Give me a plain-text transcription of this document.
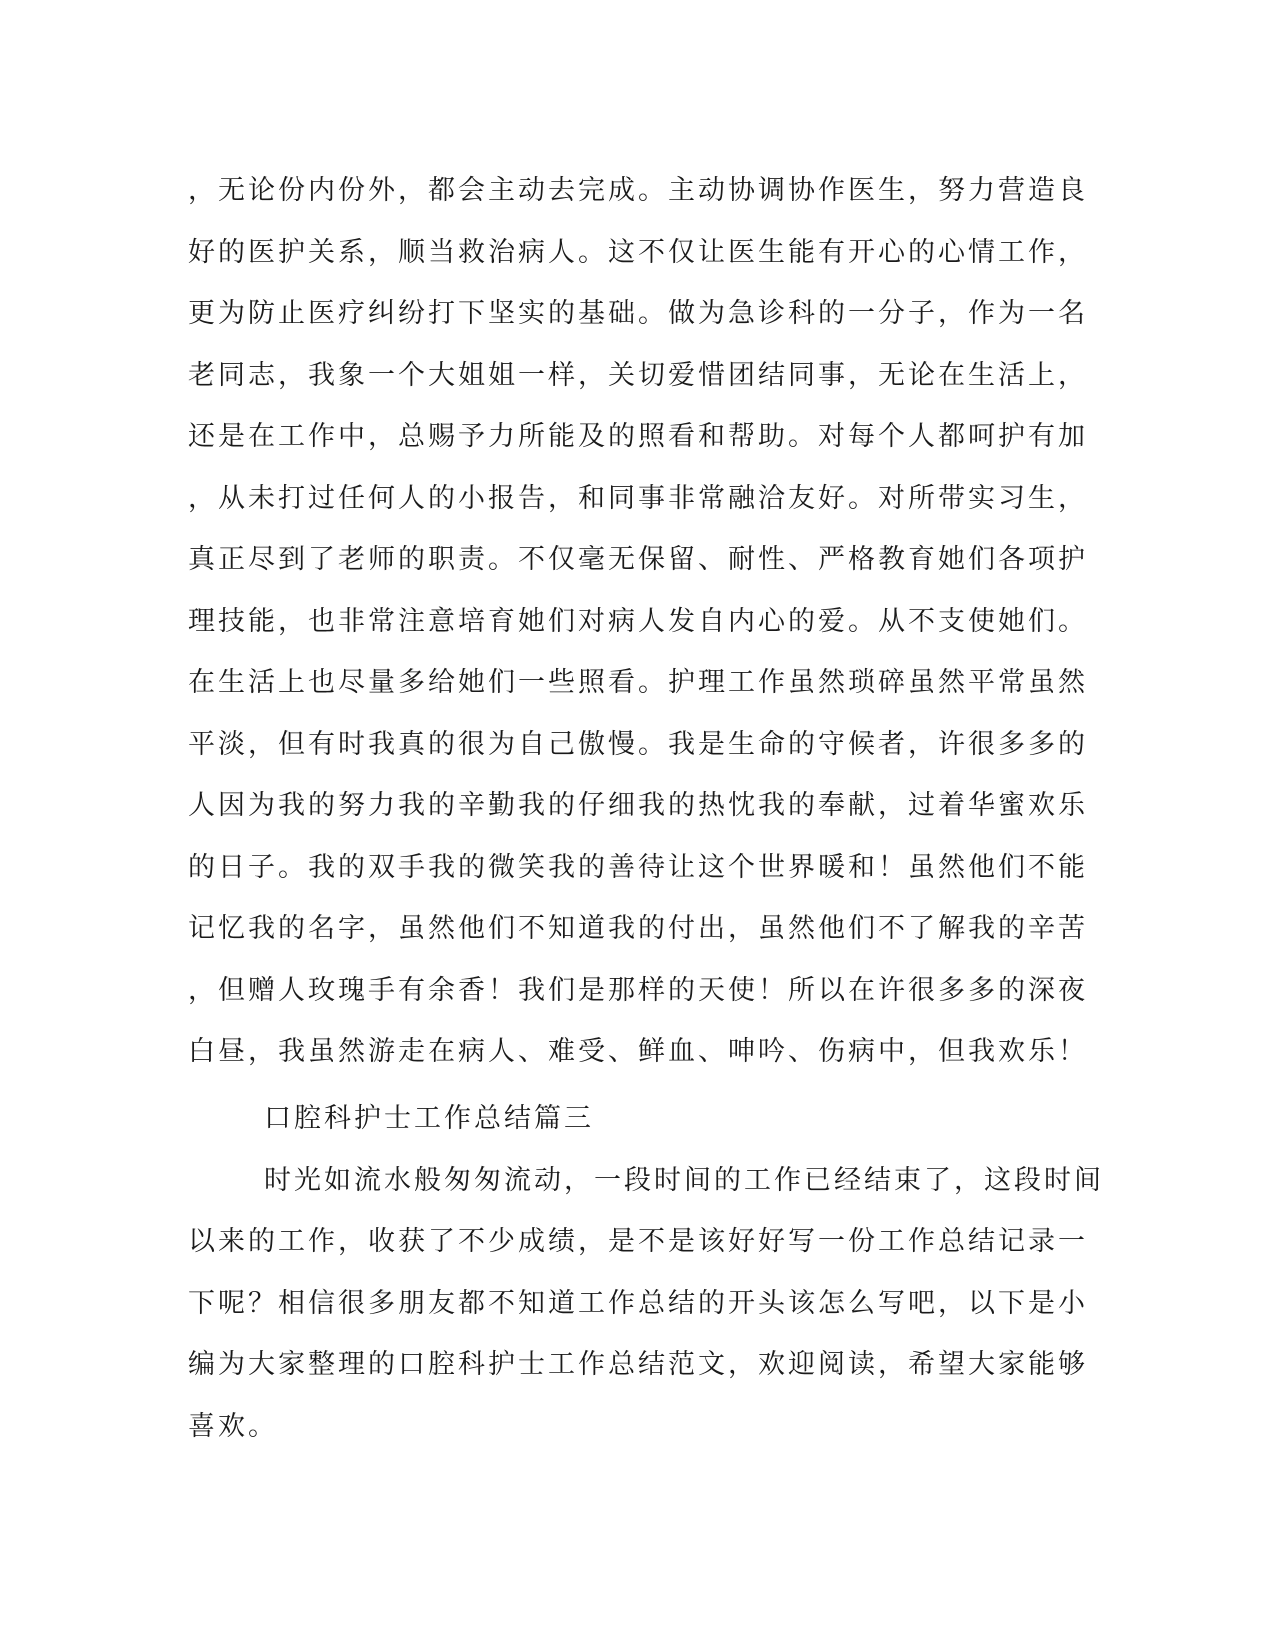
，无论份内份外，都会主动去完成。主动协调协作医生，努力营造良
好的医护关系，顺当救治病人。这不仅让医生能有开心的心情工作，
更为防止医疗纠纷打下坚实的基础。做为急诊科的一分子，作为一名
老同志，我象一个大姐姐一样，关切爱惜团结同事，无论在生活上，
还是在工作中，总赐予力所能及的照看和帮助。对每个人都呵护有加
，从未打过任何人的小报告，和同事非常融洽友好。对所带实习生，
真正尽到了老师的职责。不仅毫无保留、耐性、严格教育她们各项护
理技能，也非常注意培育她们对病人发自内心的爱。从不支使她们。
在生活上也尽量多给她们一些照看。护理工作虽然琐碎虽然平常虽然
平淡，但有时我真的很为自己傲慢。我是生命的守候者，许很多多的
人因为我的努力我的辛勤我的仔细我的热忱我的奉献，过着华蜜欢乐
的日子。我的双手我的微笑我的善待让这个世界暖和！虽然他们不能
记忆我的名字，虽然他们不知道我的付出，虽然他们不了解我的辛苦
，但赠人玫瑰手有余香！我们是那样的天使！所以在许很多多的深夜
白昼，我虽然游走在病人、难受、鲜血、呻吟、伤病中，但我欢乐！
口腔科护士工作总结篇三
时光如流水般匆匆流动，一段时间的工作已经结束了，这段时间
以来的工作，收获了不少成绩，是不是该好好写一份工作总结记录一
下呢？相信很多朋友都不知道工作总结的开头该怎么写吧，以下是小
编为大家整理的口腔科护士工作总结范文，欢迎阅读，希望大家能够
喜欢。
